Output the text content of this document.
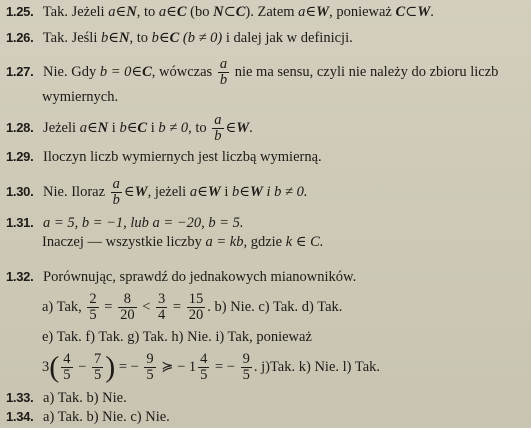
1.25. Tak. Jeżeli a∈N, to a∈C (bo N⊂C). Zatem a∈W, ponieważ C⊂W.
1.26. Tak. Jeśli b∈N, to b∈C (b ≠ 0) i dalej jak w definicji.
1.27. Nie. Gdy b = 0∈C, wówczas $\frac{a}{b}$ nie ma sensu, czyli nie należy do zbioru liczb
wymiernych.
1.28. Jeżeli a∈N i b∈C i b ≠ 0, to $\frac{a}{b}$ ∈W.
1.29. Iloczyn liczb wymiernych jest liczbą wymierną.
1.30. Nie. Iloraz $\frac{a}{b}$ ∈W, jeżeli a∈W i b∈W i b ≠ 0.
1.31. a = 5, b = −1, lub a = −20, b = 5.
Inaczej — wszystkie liczby a = kb, gdzie k ∈ C.
1.32. Porównując, sprawdź do jednakowych mianowników.
a) Tak, $\frac{2}{5} = \frac{8}{20} < \frac{3}{4} = \frac{15}{20}$ . b) Nie. c) Tak. d) Tak.
e) Tak. f) Tak. g) Tak. h) Nie. i) Tak, ponieważ
$3( \frac{4}{5} - \frac{7}{5}$ ) = − $\frac{9}{5}$ ≽ − $1 \frac{4}{5}$ = − $\frac{9}{5}$ . j)Tak. k) Nie. l) Tak.
1.33. a) Tak. b) Nie.
1.34. a) Tak. b) Nie. c) Nie.
